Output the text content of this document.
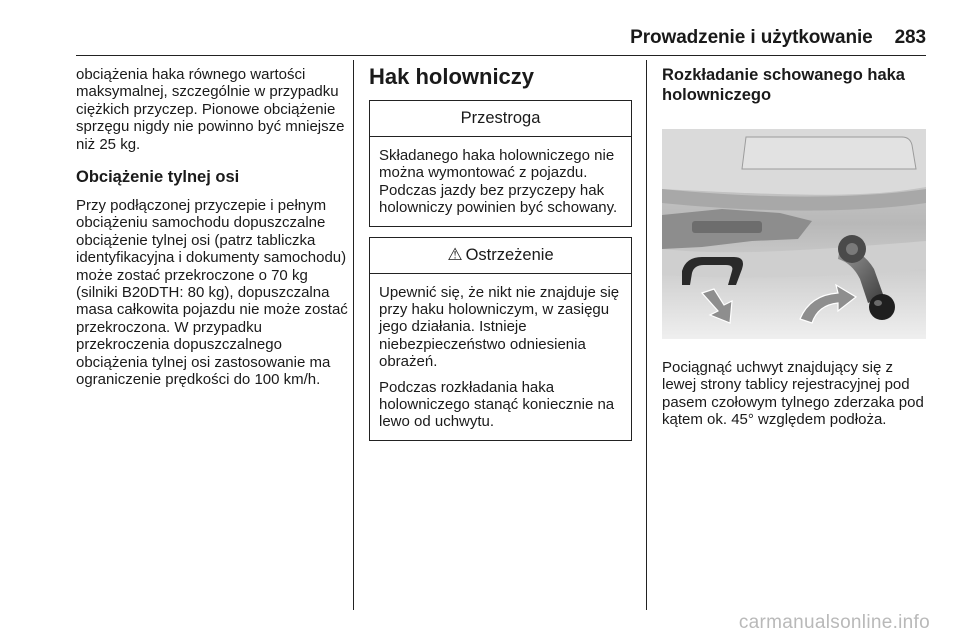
Prowadzenie i użytkowanie 283

obciążenia haka równego wartości maksymalnej, szczególnie w przypadku ciężkich przyczep. Pionowe obciążenie sprzęgu nigdy nie powinno być mniejsze niż 25 kg.

Obciążenie tylnej osi

Przy podłączonej przyczepie i pełnym obciążeniu samochodu dopuszczalne obciążenie tylnej osi (patrz tabliczka identyfikacyjna i dokumenty samochodu) może zostać przekroczone o 70 kg (silniki B20DTH: 80 kg), dopuszczalna masa całkowita pojazdu nie może zostać przekroczona. W przypadku przekroczenia dopuszczalnego obciążenia tylnej osi zastosowanie ma ograniczenie prędkości do 100 km/h.

Hak holowniczy
Przestroga

Składanego haka holowniczego nie można wymontować z pojazdu. Podczas jazdy bez przyczepy hak holowniczy powinien być schowany.

⚠ Ostrzeżenie

Upewnić się, że nikt nie znajduje się przy haku holowniczym, w zasięgu jego działania. Istnieje niebezpieczeństwo odniesienia obrażeń.

Podczas rozkładania haka holowniczego stanąć koniecznie na lewo od uchwytu.

Rozkładanie schowanego haka holowniczego

Pociągnąć uchwyt znajdujący się z lewej strony tablicy rejestracyjnej pod pasem czołowym tylnego zderzaka pod kątem ok. 45° względem podłoża.

carmanualsonline.info
